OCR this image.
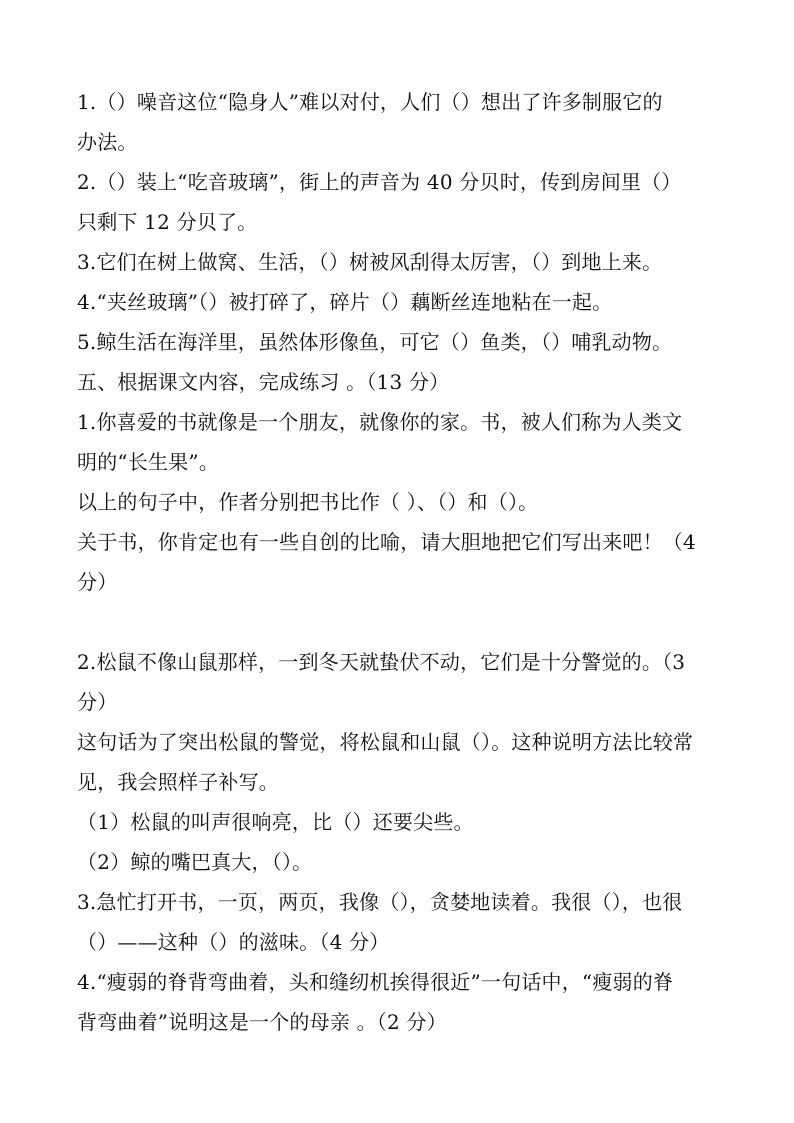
1.（）噪音这位“隐身人”难以对付，人们（）想出了许多制服它的
办法。
2.（）装上“吃音玻璃”，街上的声音为 40 分贝时，传到房间里（）
只剩下 12 分贝了。
3.它们在树上做窝、生活，（）树被风刮得太厉害，（）到地上来。
4.“夹丝玻璃”（）被打碎了，碎片（）藕断丝连地粘在一起。
5.鲸生活在海洋里，虽然体形像鱼，可它（）鱼类，（）哺乳动物。
五、根据课文内容，完成练习 。（13 分）
1.你喜爱的书就像是一个朋友，就像你的家。书，被人们称为人类文
明的“长生果”。
以上的句子中，作者分别把书比作（ ）、（）和（）。
关于书，你肯定也有一些自创的比喻，请大胆地把它们写出来吧！（4
分）
2.松鼠不像山鼠那样，一到冬天就蛰伏不动，它们是十分警觉的。（3
分）
这句话为了突出松鼠的警觉，将松鼠和山鼠（）。这种说明方法比较常
见，我会照样子补写。
（1）松鼠的叫声很响亮，比（）还要尖些。
（2）鲸的嘴巴真大，（）。
3.急忙打开书，一页，两页，我像（），贪婪地读着。我很（），也很
（）——这种（）的滋味。（4 分）
4.“瘦弱的脊背弯曲着，头和缝纫机挨得很近”一句话中，“瘦弱的脊
背弯曲着”说明这是一个的母亲 。（2 分）
